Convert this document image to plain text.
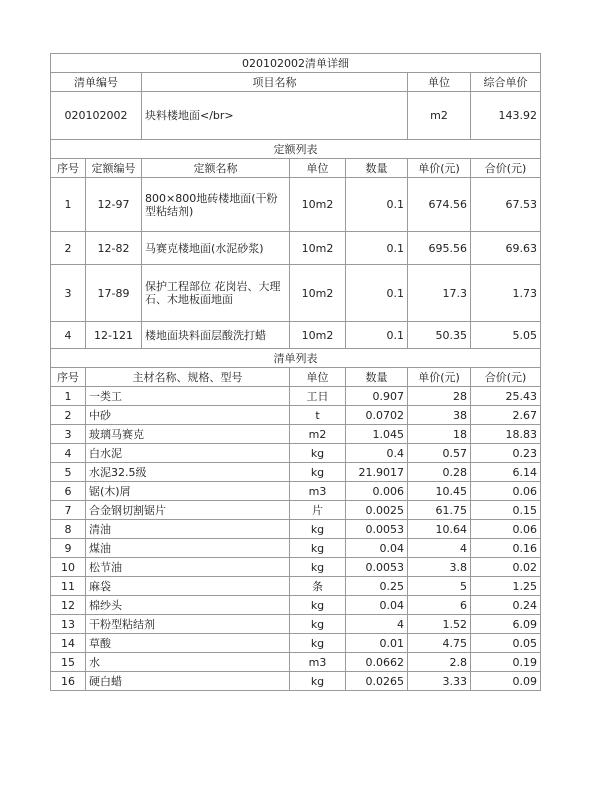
020102002清单详细						
清单编号		项目名称			单位	综合单价
020102002		块料楼地面</br>			m2	143.92
定额列表						
序号	定额编号	定额名称	单位	数量	单价(元)	合价(元)
1	12-97	800×800地砖楼地面(干粉型粘结剂)	10m2	0.1	674.56	67.53
2	12-82	马赛克楼地面(水泥砂浆)	10m2	0.1	695.56	69.63
3	17-89	保护工程部位 花岗岩、大理石、木地板面地面	10m2	0.1	17.3	1.73
4	12-121	楼地面块料面层酸洗打蜡	10m2	0.1	50.35	5.05
清单列表						
序号	主材名称、规格、型号		单位	数量	单价(元)	合价(元)
1	一类工		工日	0.907	28	25.43
2	中砂		t	0.0702	38	2.67
3	玻璃马赛克		m2	1.045	18	18.83
4	白水泥		kg	0.4	0.57	0.23
5	水泥32.5级		kg	21.9017	0.28	6.14
6	锯(木)屑		m3	0.006	10.45	0.06
7	合金钢切割锯片		片	0.0025	61.75	0.15
8	清油		kg	0.0053	10.64	0.06
9	煤油		kg	0.04	4	0.16
10	松节油		kg	0.0053	3.8	0.02
11	麻袋		条	0.25	5	1.25
12	棉纱头		kg	0.04	6	0.24
13	干粉型粘结剂		kg	4	1.52	6.09
14	草酸		kg	0.01	4.75	0.05
15	水		m3	0.0662	2.8	0.19
16	硬白蜡		kg	0.0265	3.33	0.09
